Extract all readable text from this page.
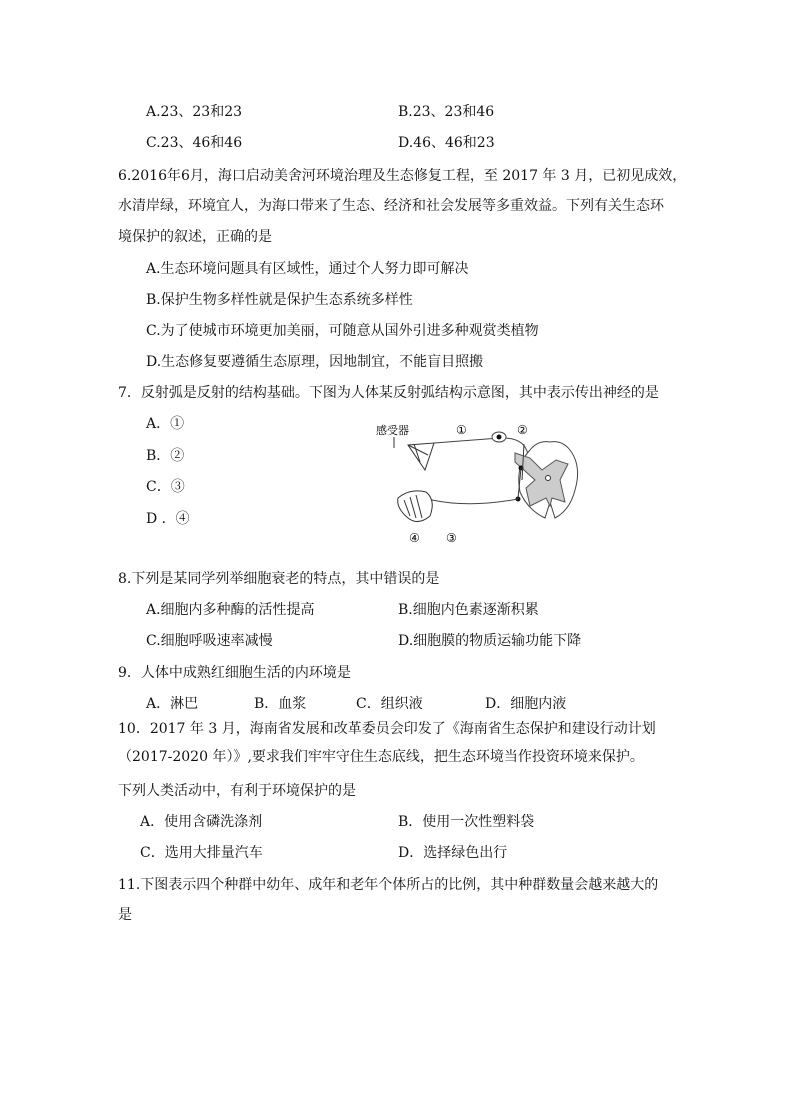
A.23、23和23	B.23、23和46
C.23、46和46	D.46、46和23
6.2016年6月，海口启动美舍河环境治理及生态修复工程，至 2017 年 3 月，已初见成效，
水清岸绿，环境宜人，为海口带来了生态、经济和社会发展等多重效益。下列有关生态环
境保护的叙述，正确的是
A.生态环境问题具有区域性，通过个人努力即可解决
B.保护生物多样性就是保护生态系统多样性
C.为了使城市环境更加美丽，可随意从国外引进多种观赏类植物
D.生态修复要遵循生态原理，因地制宜，不能盲目照搬
7．反射弧是反射的结构基础。下图为人体某反射弧结构示意图，其中表示传出神经的是
A．①
B．②
C．③
D ．④
感受器	①	②
④ ③
8.下列是某同学列举细胞衰老的特点，其中错误的是
A.细胞内多种酶的活性提高	B.细胞内色素逐渐积累
C.细胞呼吸速率减慢	D.细胞膜的物质运输功能下降
9．人体中成熟红细胞生活的内环境是
A．淋巴	B．血浆	C．组织液	D．细胞内液
10．2017 年 3 月，海南省发展和改革委员会印发了《海南省生态保护和建设行动计划
（2017-2020 年）》,要求我们牢牢守住生态底线，把生态环境当作投资环境来保护。
下列人类活动中，有利于环境保护的是
A．使用含磷洗涤剂	B．使用一次性塑料袋
C．选用大排量汽车	D．选择绿色出行
11.下图表示四个种群中幼年、成年和老年个体所占的比例，其中种群数量会越来越大的
是
